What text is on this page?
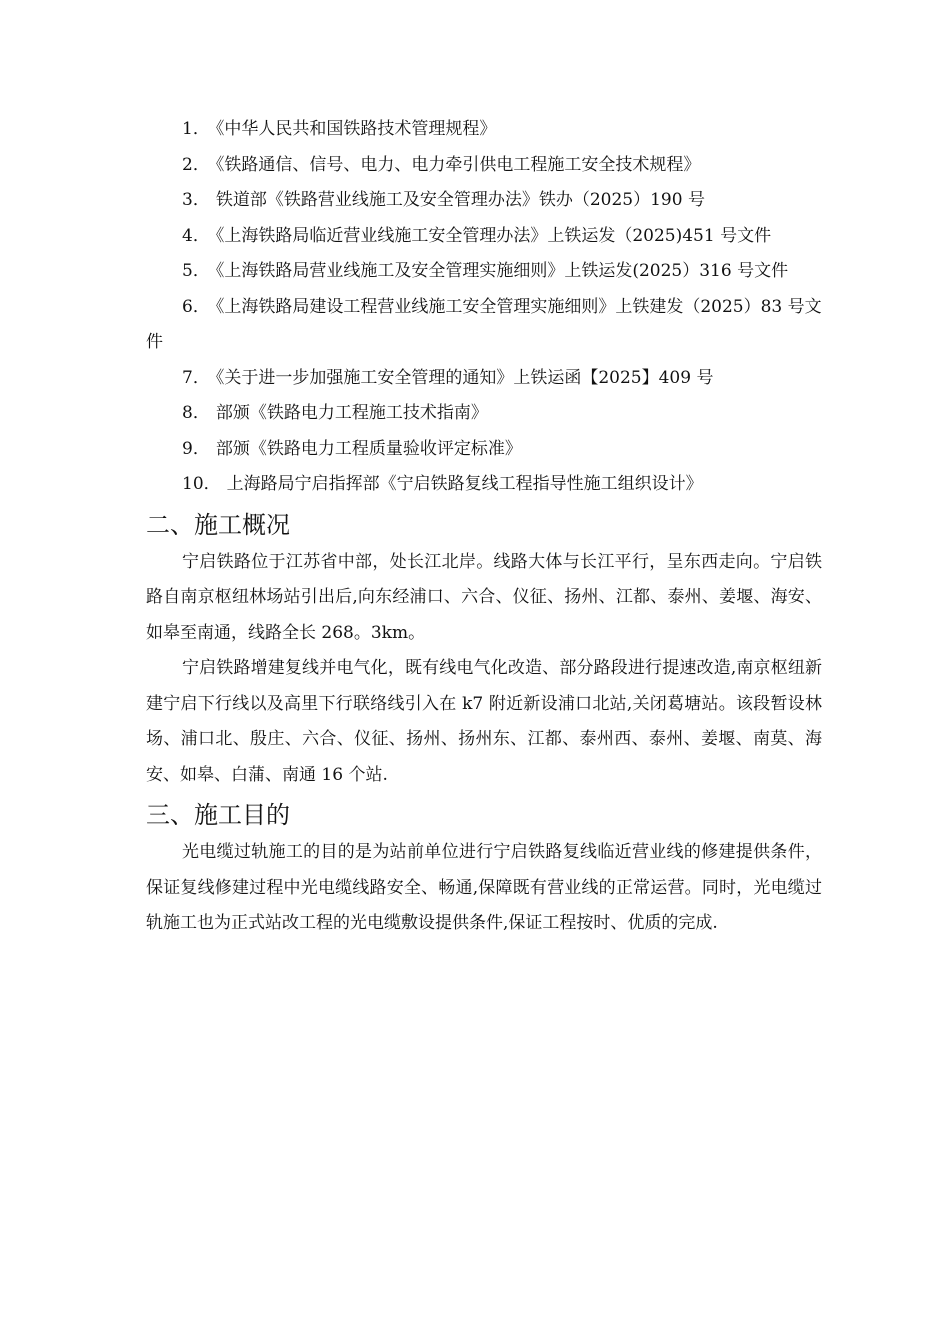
1． 《中华人民共和国铁路技术管理规程》
2． 《铁路通信、信号、电力、电力牵引供电工程施工安全技术规程》
3． 铁道部《铁路营业线施工及安全管理办法》铁办（2025）190 号
4． 《上海铁路局临近营业线施工安全管理办法》上铁运发（2025)451 号文件
5． 《上海铁路局营业线施工及安全管理实施细则》上铁运发(2025）316 号文件
6． 《上海铁路局建设工程营业线施工安全管理实施细则》上铁建发（2025）83 号文件
7． 《关于进一步加强施工安全管理的通知》上铁运函【2025】409 号
8． 部颁《铁路电力工程施工技术指南》
9． 部颁《铁路电力工程质量验收评定标准》
10． 上海路局宁启指挥部《宁启铁路复线工程指导性施工组织设计》
二、施工概况

宁启铁路位于江苏省中部，处长江北岸。线路大体与长江平行，呈东西走向。宁启铁路自南京枢纽林场站引出后,向东经浦口、六合、仪征、扬州、江都、泰州、姜堰、海安、如皋至南通，线路全长 268。3km。

宁启铁路增建复线并电气化，既有线电气化改造、部分路段进行提速改造,南京枢纽新建宁启下行线以及高里下行联络线引入在 k7 附近新设浦口北站,关闭葛塘站。该段暂设林场、浦口北、殷庄、六合、仪征、扬州、扬州东、江都、泰州西、泰州、姜堰、南莫、海安、如皋、白蒲、南通 16 个站.

三、施工目的

光电缆过轨施工的目的是为站前单位进行宁启铁路复线临近营业线的修建提供条件，保证复线修建过程中光电缆线路安全、畅通,保障既有营业线的正常运营。同时，光电缆过轨施工也为正式站改工程的光电缆敷设提供条件,保证工程按时、优质的完成.
